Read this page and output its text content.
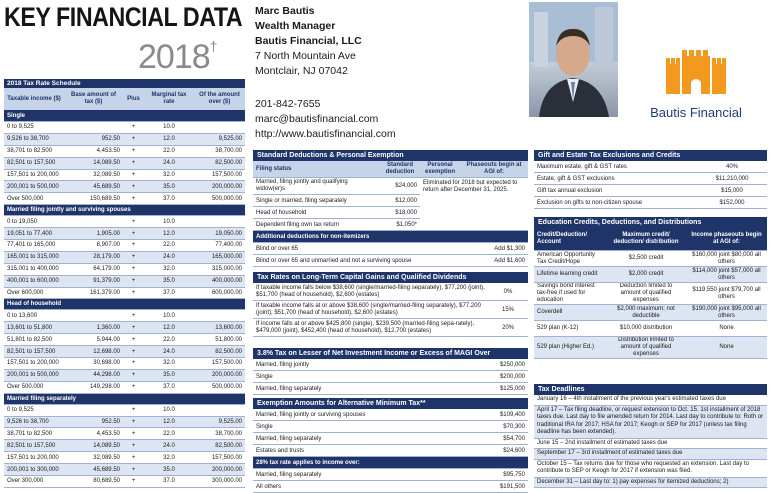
KEY FINANCIAL DATA
2018†
Marc Bautis
Wealth Manager
Bautis Financial, LLC
7 North Mountain Ave
Montclair, NJ 07042
201-842-7655
marc@bautisfinancial.com
http://www.bautisfinancial.com
Bautis Financial
2018 Tax Rate Schedule
Taxable income ($)	Base amount of tax ($)	Plus	Marginal tax rate	Of the amount over ($)
Single				
0 to 9,525		+	10.0	
9,526 to 38,700	952.50	+	12.0	9,525.00
38,701 to 82,500	4,453.50	+	22.0	38,700.00
82,501 to 157,500	14,089.50	+	24.0	82,500.00
157,501 to 200,000	32,089.50	+	32.0	157,500.00
200,001 to 500,000	45,689.50	+	35.0	200,000.00
Over 500,000	150,689.50	+	37.0	500,000.00
Married filing jointly and surviving spouses				
0 to 19,050		+	10.0	
19,051 to 77,400	1,905.00	+	12.0	19,050.00
77,401 to 165,000	8,907.00	+	22.0	77,400.00
165,001 to 315,000	28,179.00	+	24.0	165,000.00
315,001 to 400,000	64,179.00	+	32.0	315,000.00
400,001 to 600,000	91,379.00	+	35.0	400,000.00
Over 600,000	161,379.00	+	37.0	600,000.00
Head of household				
0 to 13,600		+	10.0	
13,601 to 51,800	1,360.00	+	12.0	13,600.00
51,801 to 82,500	5,944.00	+	22.0	51,800.00
82,501 to 157,500	12,698.00	+	24.0	82,500.00
157,501 to 200,000	30,698.00	+	32.0	157,500.00
200,001 to 500,000	44,298.00	+	35.0	200,000.00
Over 500,000	149,298.00	+	37.0	500,000.00
Married filing separately				
0 to 9,525		+	10.0	
9,526 to 38,700	952.50	+	12.0	9,525.00
38,701 to 82,500	4,453.50	+	22.0	38,700.00
82,501 to 157,500	14,089.50	+	24.0	82,500.00
157,501 to 200,000	32,089.50	+	32.0	157,500.00
200,001 to 300,000	45,689.50	+	35.0	200,000.00
Over 300,000	80,689.50	+	37.0	300,000.00
Standard Deductions & Personal Exemption
Filing status	Standard deduction	Personal exemption	Phaseouts begin at AGI of:
Married, filing jointly and qualifying widow(er)s	$24,000	Eliminated for 2018 but expected to return after December 31, 2025.	
Single or married, filing separately	$12,000		
Head of household	$18,000		
Dependent filing own tax return	$1,050*		
Additional deductions for non-itemizers			
Blind or over 65			Add $1,300
Blind or over 65 and unmarried and not a surviving spouse			Add $1,600
Tax Rates on Long-Term Capital Gains and Qualified Dividends
If taxable income falls below $38,600 (single/married-filing separately), $77,200 (joint), $51,700 (head of household), $2,600 (estates)	0%
If taxable income falls at or above $38,600 (single/married-filing separately), $77,200 (joint), $51,700 (head of household), $2,600 (estates)	15%
If income falls at or above $425,800 (single), $239,500 (married-filing sepa-rately), $479,000 (joint), $452,400 (head of household), $12,700 (estates)	20%
3.8% Tax on Lesser of Net Investment Income or Excess of MAGI Over
Married, filing jointly	$250,000
Single	$200,000
Married, filing separately	$125,000
Exemption Amounts for Alternative Minimum Tax**
Married, filing jointly or surviving spouses	$109,400
Single	$70,300
Married, filing separately	$54,700
Estates and trusts	$24,600
28% tax rate applies to income over:	
Married, filing separately	$95,750
All others	$191,500
Gift and Estate Tax Exclusions and Credits
Maximum estate, gift & GST rates	40%
Estate, gift & GST exclusions	$11,210,000
Gift tax annual exclusion	$15,000
Exclusion on gifts to non-citizen spouse	$152,000
Education Credits, Deductions, and Distributions
Credit/Deduction/ Account	Maximum credit/ deduction/ distribution	Income phaseouts begin at AGI of:
American Opportunity Tax Credit/Hope	$2,500 credit	$160,000 joint $80,000 all others
Lifetime learning credit	$2,000 credit	$114,000 joint $57,000 all others
Savings bond interest tax-free if used for education	Deduction limited to amount of qualified expenses	$119,550 joint $79,700 all others
Coverdell	$2,000 maximum; not deductible	$190,000 joint $95,000 all others
529 plan (K-12)	$10,000 distribution	None
529 plan (Higher Ed.)	Distribution limited to amount of qualified expenses	None
Tax Deadlines
January 16 – 4th installment of the previous year's estimated taxes due
April 17 – Tax filing deadline, or request extension to Oct. 15. 1st installment of 2018 taxes due. Last day to file amended return for 2014. Last day to contribute to: Roth or traditional IRA for 2017; HSA for 2017; Keogh or SEP for 2017 (unless tax filing deadline has been extended).
June 15 – 2nd installment of estimated taxes due
September 17 – 3rd installment of estimated taxes due
October 15 – Tax returns due for those who requested an extension. Last day to contribute to SEP or Keogh for 2017 if extension was filed.
December 31 – Last day to: 1) pay expenses for itemized deductions; 2)
